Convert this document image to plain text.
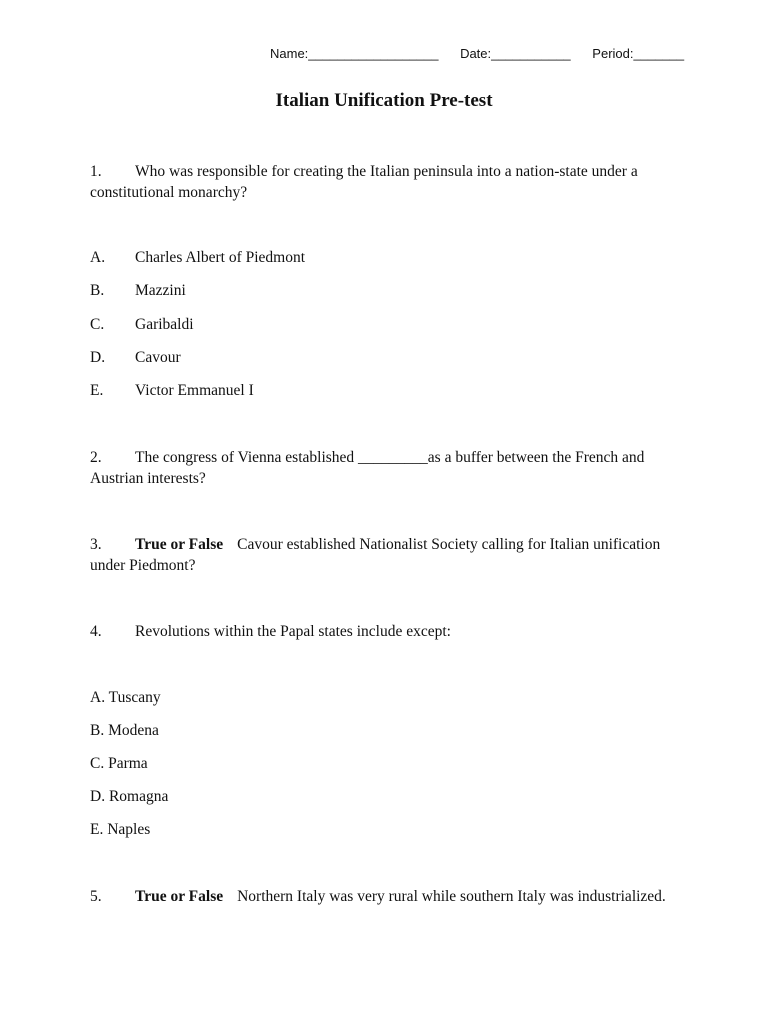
Name:__________________ Date:___________ Period:_______
Italian Unification Pre-test
1. Who was responsible for creating the Italian peninsula into a nation-state under a constitutional monarchy?
A. Charles Albert of Piedmont
B. Mazzini
C. Garibaldi
D. Cavour
E. Victor Emmanuel I
2. The congress of Vienna established _________as a buffer between the French and Austrian interests?
3. True or False Cavour established Nationalist Society calling for Italian unification under Piedmont?
4. Revolutions within the Papal states include except:
A. Tuscany
B. Modena
C. Parma
D. Romagna
E. Naples
5. True or False Northern Italy was very rural while southern Italy was industrialized.
